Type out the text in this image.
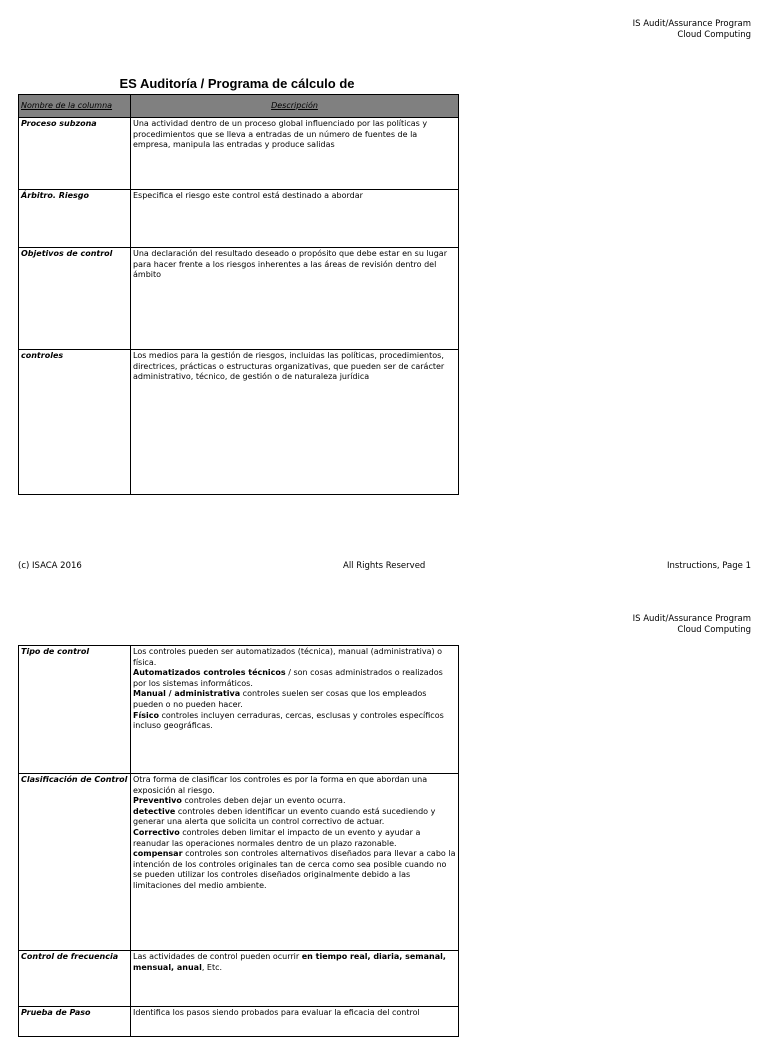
IS Audit/Assurance Program
Cloud Computing
ES Auditoría / Programa de cálculo de
Nombre de la columna	Descripción
Proceso subzona	Una actividad dentro de un proceso global influenciado por las políticas y procedimientos que se lleva a entradas de un número de fuentes de la empresa, manipula las entradas y produce salidas
Árbitro. Riesgo	Especifica el riesgo este control está destinado a abordar
Objetivos de control	Una declaración del resultado deseado o propósito que debe estar en su lugar para hacer frente a los riesgos inherentes a las áreas de revisión dentro del ámbito
controles	Los medios para la gestión de riesgos, incluidas las políticas, procedimientos, directrices, prácticas o estructuras organizativas, que pueden ser de carácter administrativo, técnico, de gestión o de naturaleza jurídica
(c) ISACA 2016	All Rights Reserved	Instructions, Page 1
IS Audit/Assurance Program
Cloud Computing
Tipo de control	Los controles pueden ser automatizados (técnica), manual (administrativa) o física.
Automatizados controles técnicos / son cosas administrados o realizados por los sistemas informáticos.
Manual / administrativa controles suelen ser cosas que los empleados pueden o no pueden hacer.
Físico controles incluyen cerraduras, cercas, esclusas y controles específicos incluso geográficas.
Clasificación de Control	Otra forma de clasificar los controles es por la forma en que abordan una exposición al riesgo.
Preventivo controles deben dejar un evento ocurra.
detective controles deben identificar un evento cuando está sucediendo y generar una alerta que solicita un control correctivo de actuar.
Correctivo controles deben limitar el impacto de un evento y ayudar a reanudar las operaciones normales dentro de un plazo razonable.
compensar controles son controles alternativos diseñados para llevar a cabo la intención de los controles originales tan de cerca como sea posible cuando no se pueden utilizar los controles diseñados originalmente debido a las limitaciones del medio ambiente.
Control de frecuencia	Las actividades de control pueden ocurrir en tiempo real, diaria, semanal, mensual, anual, Etc.
Prueba de Paso	Identifica los pasos siendo probados para evaluar la eficacia del control
